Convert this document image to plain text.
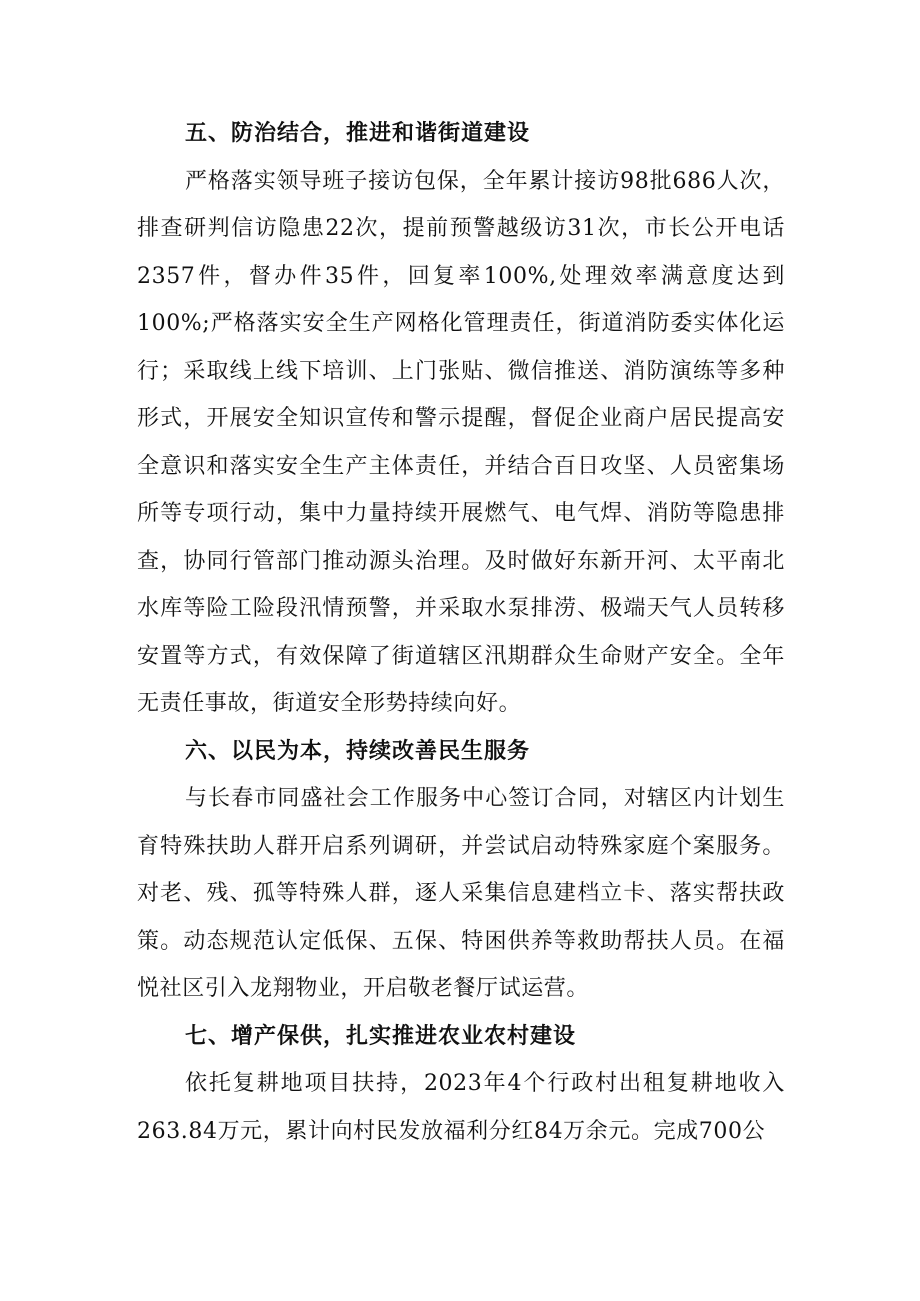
五、防治结合，推进和谐街道建设

严格落实领导班子接访包保，全年累计接访98批686人次，排查研判信访隐患22次，提前预警越级访31次，市长公开电话2357件，督办件35件，回复率100%,处理效率满意度达到100%;严格落实安全生产网格化管理责任，街道消防委实体化运行；采取线上线下培训、上门张贴、微信推送、消防演练等多种形式，开展安全知识宣传和警示提醒，督促企业商户居民提高安全意识和落实安全生产主体责任，并结合百日攻坚、人员密集场所等专项行动，集中力量持续开展燃气、电气焊、消防等隐患排查，协同行管部门推动源头治理。及时做好东新开河、太平南北水库等险工险段汛情预警，并采取水泵排涝、极端天气人员转移安置等方式，有效保障了街道辖区汛期群众生命财产安全。全年无责任事故，街道安全形势持续向好。

六、以民为本，持续改善民生服务

与长春市同盛社会工作服务中心签订合同，对辖区内计划生育特殊扶助人群开启系列调研，并尝试启动特殊家庭个案服务。对老、残、孤等特殊人群，逐人采集信息建档立卡、落实帮扶政策。动态规范认定低保、五保、特困供养等救助帮扶人员。在福悦社区引入龙翔物业，开启敬老餐厅试运营。

七、增产保供，扎实推进农业农村建设

依托复耕地项目扶持，2023年4个行政村出租复耕地收入263.84万元，累计向村民发放福利分红84万余元。完成700公
